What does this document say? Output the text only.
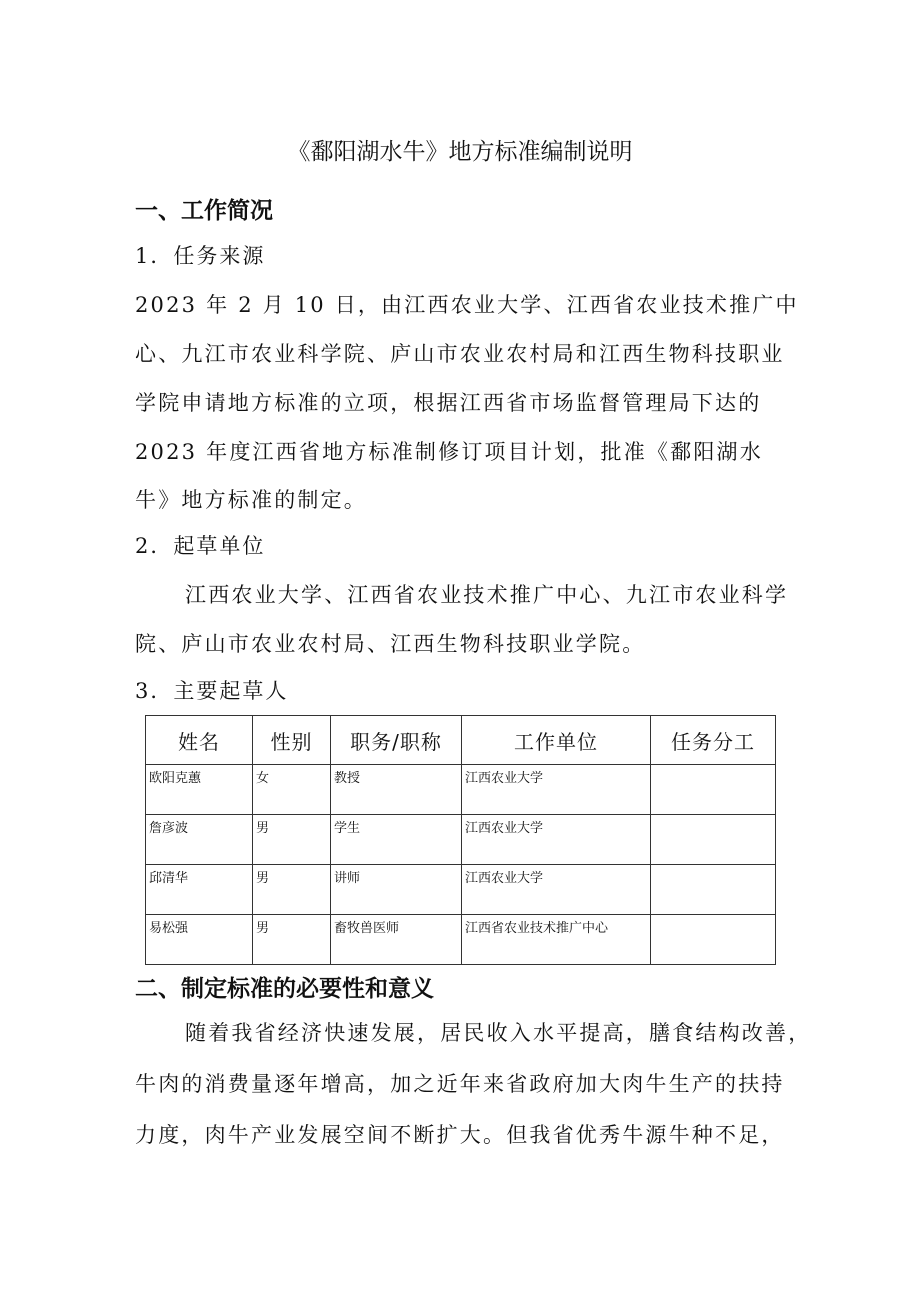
《鄱阳湖水牛》地方标准编制说明
一、工作简况
1．任务来源
2023 年 2 月 10 日，由江西农业大学、江西省农业技术推广中
心、九江市农业科学院、庐山市农业农村局和江西生物科技职业
学院申请地方标准的立项，根据江西省市场监督管理局下达的
2023 年度江西省地方标准制修订项目计划，批准《鄱阳湖水
牛》地方标准的制定。
2．起草单位
江西农业大学、江西省农业技术推广中心、九江市农业科学
院、庐山市农业农村局、江西生物科技职业学院。
3．主要起草人
姓名	性别	职务/职称	工作单位	任务分工
欧阳克蕙	女	教授	江西农业大学	
詹彦波	男	学生	江西农业大学	
邱清华	男	讲师	江西农业大学	
易松强	男	畜牧兽医师	江西省农业技术推广中心	
二、制定标准的必要性和意义
随着我省经济快速发展，居民收入水平提高，膳食结构改善，
牛肉的消费量逐年增高，加之近年来省政府加大肉牛生产的扶持
力度，肉牛产业发展空间不断扩大。但我省优秀牛源牛种不足，
